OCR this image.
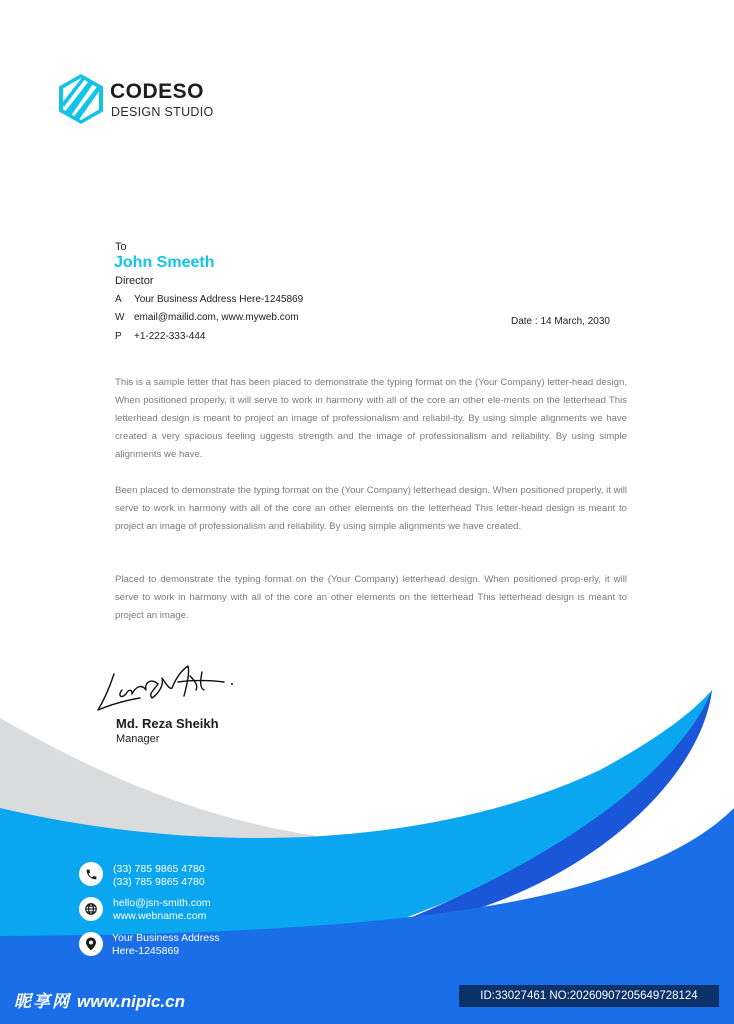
CODESO
DESIGN STUDIO
To
John Smeeth
Director
A Your Business Address Here-1245869
W email@mailid.com, www.myweb.com
P +1-222-333-444
Date : 14 March, 2030
This is a sample letter that has been placed to demonstrate the typing format on the (Your Company) letter-head design. When positioned properly, it will serve to work in harmony with all of the core an other ele-ments on the letterhead This letterhead design is meant to project an image of professionalism and reliabil-ity. By using simple alignments we have created a very spacious feeling uggests strength and the image of professionalism and reliability. By using simple alignments we have.
Been placed to demonstrate the typing format on the (Your Company) letterhead design. When positioned properly, it will serve to work in harmony with all of the core an other elements on the letterhead This letter-head design is meant to project an image of professionalism and reliability. By using simple alignments we have created.
Placed to demonstrate the typing format on the (Your Company) letterhead design. When positioned prop-erly, it will serve to work in harmony with all of the core an other elements on the letterhead This letterhead design is meant to project an image.
Md. Reza Sheikh
Manager
(33) 785 9865 4780
(33) 785 9865 4780
hello@jsn-smith.com
www.webname.com
Your Business Address
Here-1245869
昵享网 www.nipic.cn	ID:33027461 NO:20260907205649728124
